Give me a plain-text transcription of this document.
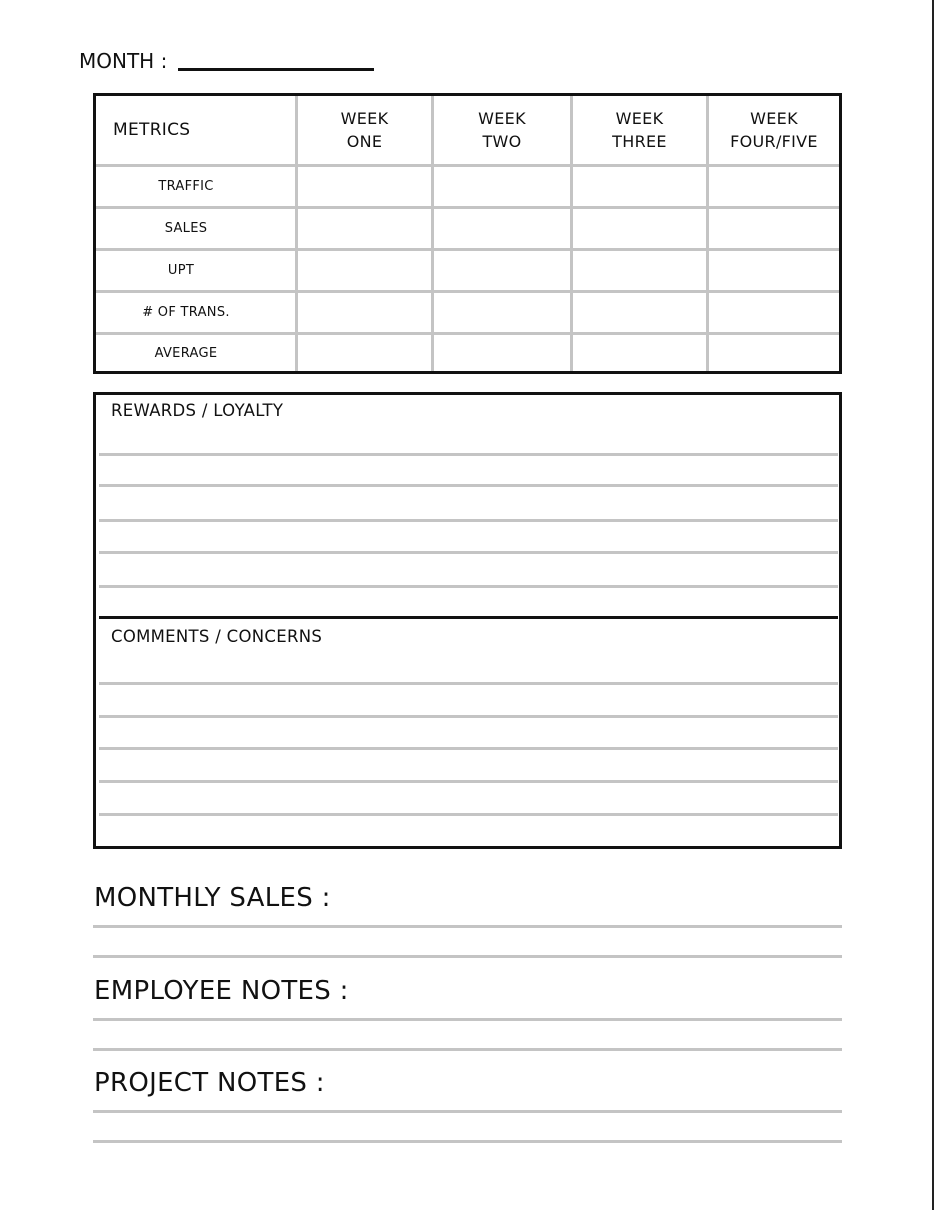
MONTH :
METRICS
WEEK
ONE
WEEK
TWO
WEEK
THREE
WEEK
FOUR/FIVE
TRAFFIC
SALES
UPT
# OF TRANS.
AVERAGE
REWARDS / LOYALTY
COMMENTS / CONCERNS
MONTHLY SALES :
EMPLOYEE NOTES :
PROJECT NOTES :
